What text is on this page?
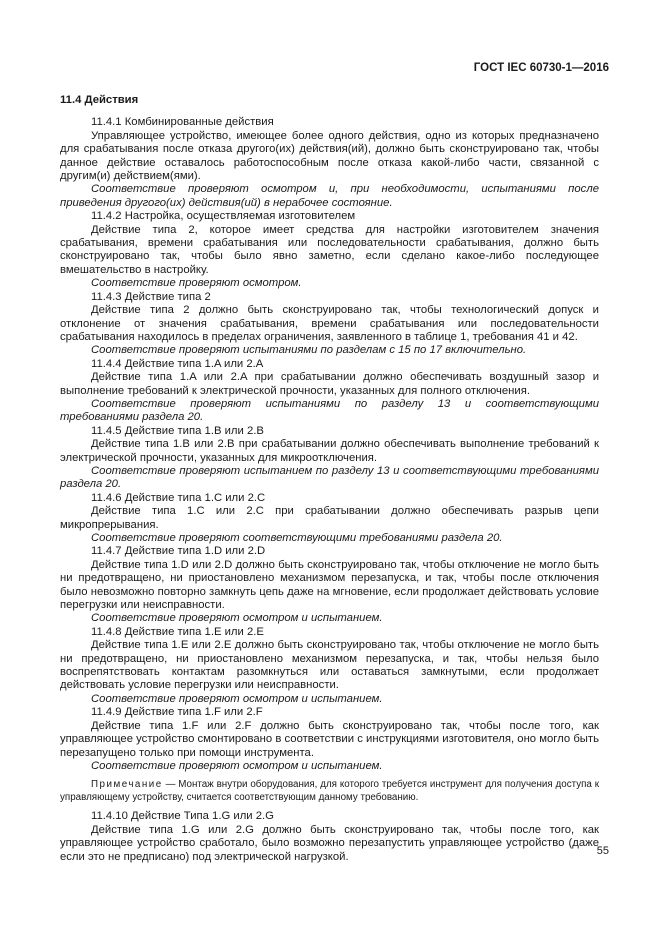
ГОСТ IEC 60730-1—2016

11.4 Действия

11.4.1 Комбинированные действия

Управляющее устройство, имеющее более одного действия, одно из которых предназначено для срабатывания после отказа другого(их) действия(ий), должно быть сконструировано так, чтобы данное действие оставалось работоспособным после отказа какой-либо части, связанной с другим(и) действием(ями).

Соответствие проверяют осмотром и, при необходимости, испытаниями после приведения другого(их) действия(ий) в нерабочее состояние.

11.4.2 Настройка, осуществляемая изготовителем

Действие типа 2, которое имеет средства для настройки изготовителем значения срабатывания, времени срабатывания или последовательности срабатывания, должно быть сконструировано так, чтобы было явно заметно, если сделано какое-либо последующее вмешательство в настройку.

Соответствие проверяют осмотром.

11.4.3 Действие типа 2

Действие типа 2 должно быть сконструировано так, чтобы технологический допуск и отклонение от значения срабатывания, времени срабатывания или последовательности срабатывания находилось в пределах ограничения, заявленного в таблице 1, требования 41 и 42.

Соответствие проверяют испытаниями по разделам с 15 по 17 включительно.

11.4.4 Действие типа 1.A или 2.A

Действие типа 1.A или 2.A при срабатывании должно обеспечивать воздушный зазор и выполнение требований к электрической прочности, указанных для полного отключения.

Соответствие проверяют испытаниями по разделу 13 и соответствующими требованиями раздела 20.

11.4.5 Действие типа 1.B или 2.B

Действие типа 1.B или 2.B при срабатывании должно обеспечивать выполнение требований к электрической прочности, указанных для микроотключения.

Соответствие проверяют испытанием по разделу 13 и соответствующими требованиями раздела 20.

11.4.6 Действие типа 1.C или 2.C

Действие типа 1.C или 2.C при срабатывании должно обеспечивать разрыв цепи микропрерывания.

Соответствие проверяют соответствующими требованиями раздела 20.

11.4.7 Действие типа 1.D или 2.D

Действие типа 1.D или 2.D должно быть сконструировано так, чтобы отключение не могло быть ни предотвращено, ни приостановлено механизмом перезапуска, и так, чтобы после отключения было невозможно повторно замкнуть цепь даже на мгновение, если продолжает действовать условие перегрузки или неисправности.

Соответствие проверяют осмотром и испытанием.

11.4.8 Действие типа 1.E или 2.E

Действие типа 1.E или 2.E должно быть сконструировано так, чтобы отключение не могло быть ни предотвращено, ни приостановлено механизмом перезапуска, и так, чтобы нельзя было воспрепятствовать контактам разомкнуться или оставаться замкнутыми, если продолжает действовать условие перегрузки или неисправности.

Соответствие проверяют осмотром и испытанием.

11.4.9 Действие типа 1.F или 2.F

Действие типа 1.F или 2.F должно быть сконструировано так, чтобы после того, как управляющее устройство смонтировано в соответствии с инструкциями изготовителя, оно могло быть перезапущено только при помощи инструмента.

Соответствие проверяют осмотром и испытанием.

Примечание — Монтаж внутри оборудования, для которого требуется инструмент для получения доступа к управляющему устройству, считается соответствующим данному требованию.

11.4.10 Действие Типа 1.G или 2.G

Действие типа 1.G или 2.G должно быть сконструировано так, чтобы после того, как управляющее устройство сработало, было возможно перезапустить управляющее устройство (даже если это не предписано) под электрической нагрузкой.	55
